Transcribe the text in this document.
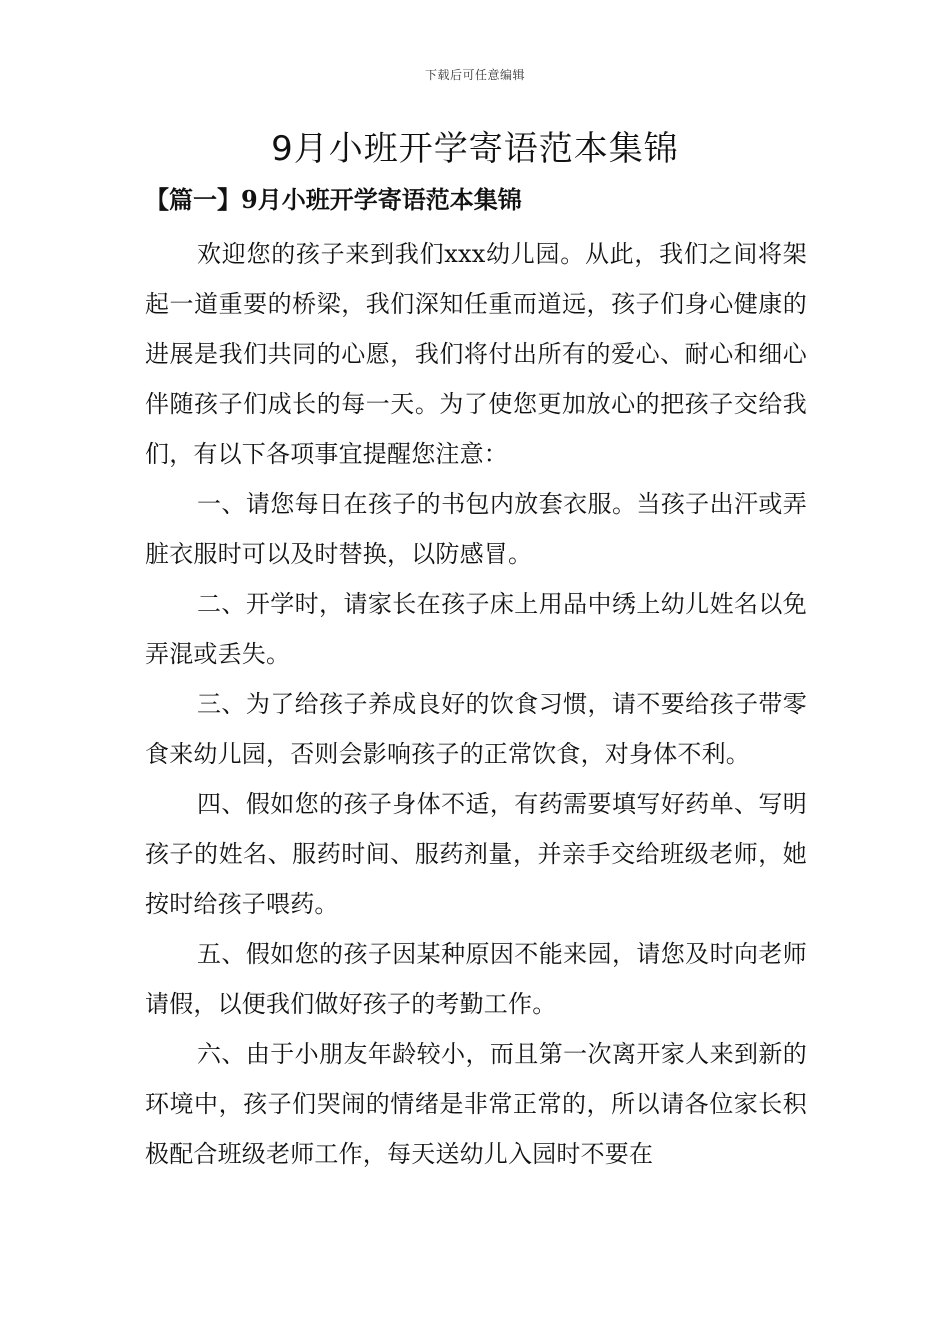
下载后可任意编辑
9月小班开学寄语范本集锦
【篇一】9月小班开学寄语范本集锦

欢迎您的孩子来到我们xxx幼儿园。从此，我们之间将架起一道重要的桥梁，我们深知任重而道远，孩子们身心健康的进展是我们共同的心愿，我们将付出所有的爱心、耐心和细心伴随孩子们成长的每一天。为了使您更加放心的把孩子交给我们，有以下各项事宜提醒您注意：

一、请您每日在孩子的书包内放套衣服。当孩子出汗或弄脏衣服时可以及时替换，以防感冒。

二、开学时，请家长在孩子床上用品中绣上幼儿姓名以免弄混或丢失。

三、为了给孩子养成良好的饮食习惯，请不要给孩子带零食来幼儿园，否则会影响孩子的正常饮食，对身体不利。

四、假如您的孩子身体不适，有药需要填写好药单、写明孩子的姓名、服药时间、服药剂量，并亲手交给班级老师，她按时给孩子喂药。

五、假如您的孩子因某种原因不能来园，请您及时向老师请假，以便我们做好孩子的考勤工作。

六、由于小朋友年龄较小，而且第一次离开家人来到新的环境中，孩子们哭闹的情绪是非常正常的，所以请各位家长积极配合班级老师工作，每天送幼儿入园时不要在
